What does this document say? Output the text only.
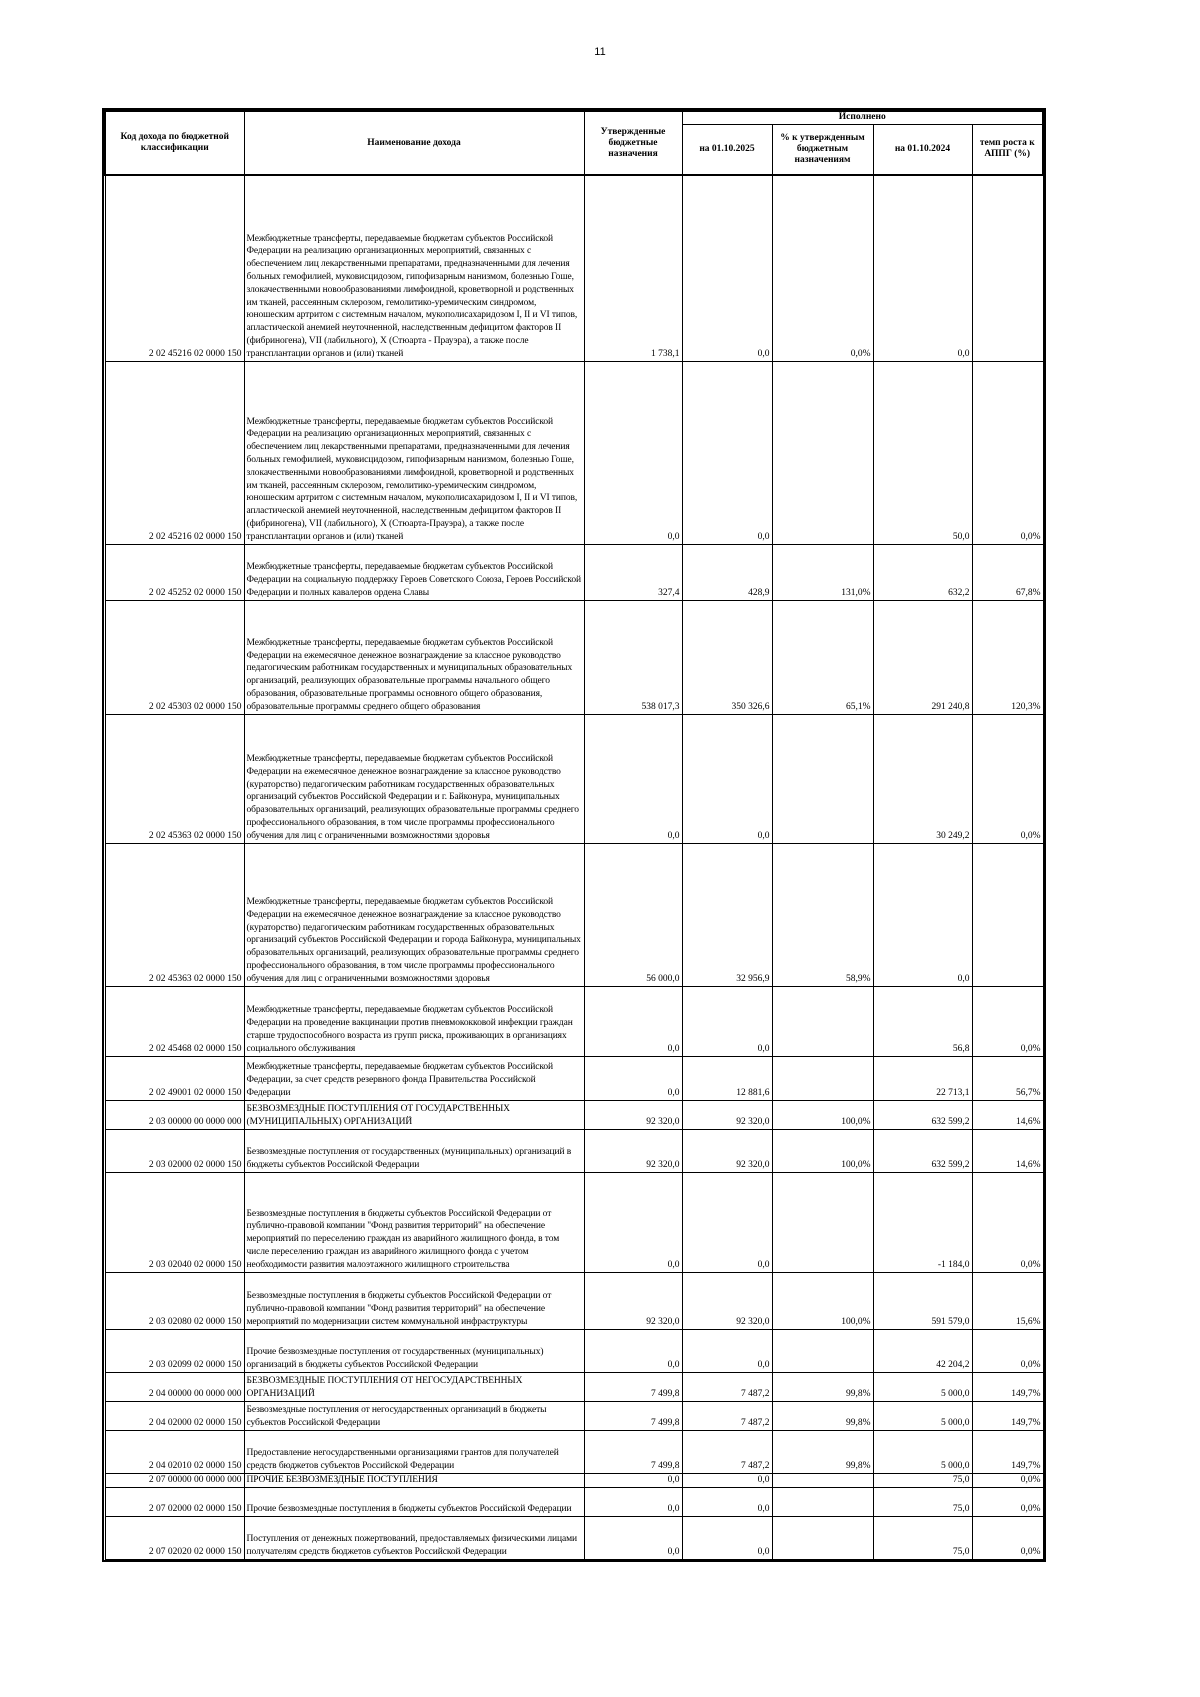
11
Код дохода по бюджетной классификации	Наименование дохода	Утвержденные бюджетные назначения	Исполнено			
			на 01.10.2025	% к утвержденным бюджетным назначениям	на 01.10.2024	темп роста к АППГ (%)
2 02 45216 02 0000 150	Межбюджетные трансферты, передаваемые бюджетам субъектов Российской Федерации на реализацию организационных мероприятий, связанных с обеспечением лиц лекарственными препаратами, предназначенными для лечения больных гемофилией, муковисцидозом, гипофизарным нанизмом, болезнью Гоше, злокачественными новообразованиями лимфоидной, кроветворной и родственных им тканей, рассеянным склерозом, гемолитико-уремическим синдромом, юношеским артритом с системным началом, мукополисахаридозом I, II и VI типов, апластической анемией неуточненной, наследственным дефицитом факторов II (фибриногена), VII (лабильного), X (Стюарта - Прауэра), а также после трансплантации органов и (или) тканей	1 738,1	0,0	0,0%	0,0	
2 02 45216 02 0000 150	Межбюджетные трансферты, передаваемые бюджетам субъектов Российской Федерации на реализацию организационных мероприятий, связанных с обеспечением лиц лекарственными препаратами, предназначенными для лечения больных гемофилией, муковисцидозом, гипофизарным нанизмом, болезнью Гоше, злокачественными новообразованиями лимфоидной, кроветворной и родственных им тканей, рассеянным склерозом, гемолитико-уремическим синдромом, юношеским артритом с системным началом, мукополисахаридозом I, II и VI типов, апластической анемией неуточненной, наследственным дефицитом факторов II (фибриногена), VII (лабильного), X (Стюарта-Прауэра), а также после трансплантации органов и (или) тканей	0,0	0,0		50,0	0,0%
2 02 45252 02 0000 150	Межбюджетные трансферты, передаваемые бюджетам субъектов Российской Федерации на социальную поддержку Героев Советского Союза, Героев Российской Федерации и полных кавалеров ордена Славы	327,4	428,9	131,0%	632,2	67,8%
2 02 45303 02 0000 150	Межбюджетные трансферты, передаваемые бюджетам субъектов Российской Федерации на ежемесячное денежное вознаграждение за классное руководство педагогическим работникам государственных и муниципальных образовательных организаций, реализующих образовательные программы начального общего образования, образовательные программы основного общего образования, образовательные программы среднего общего образования	538 017,3	350 326,6	65,1%	291 240,8	120,3%
2 02 45363 02 0000 150	Межбюджетные трансферты, передаваемые бюджетам субъектов Российской Федерации на ежемесячное денежное вознаграждение за классное руководство (кураторство) педагогическим работникам государственных образовательных организаций субъектов Российской Федерации и г. Байконура, муниципальных образовательных организаций, реализующих образовательные программы среднего профессионального образования, в том числе программы профессионального обучения для лиц с ограниченными возможностями здоровья	0,0	0,0		30 249,2	0,0%
2 02 45363 02 0000 150	Межбюджетные трансферты, передаваемые бюджетам субъектов Российской Федерации на ежемесячное денежное вознаграждение за классное руководство (кураторство) педагогическим работникам государственных образовательных организаций субъектов Российской Федерации и города Байконура, муниципальных образовательных организаций, реализующих образовательные программы среднего профессионального образования, в том числе программы профессионального обучения для лиц с ограниченными возможностями здоровья	56 000,0	32 956,9	58,9%	0,0	
2 02 45468 02 0000 150	Межбюджетные трансферты, передаваемые бюджетам субъектов Российской Федерации на проведение вакцинации против пневмококковой инфекции граждан старше трудоспособного возраста из групп риска, проживающих в организациях социального обслуживания	0,0	0,0		56,8	0,0%
2 02 49001 02 0000 150	Межбюджетные трансферты, передаваемые бюджетам субъектов Российской Федерации, за счет средств резервного фонда Правительства Российской Федерации	0,0	12 881,6		22 713,1	56,7%
2 03 00000 00 0000 000	БЕЗВОЗМЕЗДНЫЕ ПОСТУПЛЕНИЯ ОТ ГОСУДАРСТВЕННЫХ (МУНИЦИПАЛЬНЫХ) ОРГАНИЗАЦИЙ	92 320,0	92 320,0	100,0%	632 599,2	14,6%
2 03 02000 02 0000 150	Безвозмездные поступления от государственных (муниципальных) организаций в бюджеты субъектов Российской Федерации	92 320,0	92 320,0	100,0%	632 599,2	14,6%
2 03 02040 02 0000 150	Безвозмездные поступления в бюджеты субъектов Российской Федерации от публично-правовой компании "Фонд развития территорий" на обеспечение мероприятий по переселению граждан из аварийного жилищного фонда, в том числе переселению граждан из аварийного жилищного фонда с учетом необходимости развития малоэтажного жилищного строительства	0,0	0,0		-1 184,0	0,0%
2 03 02080 02 0000 150	Безвозмездные поступления в бюджеты субъектов Российской Федерации от публично-правовой компании "Фонд развития территорий" на обеспечение мероприятий по модернизации систем коммунальной инфраструктуры	92 320,0	92 320,0	100,0%	591 579,0	15,6%
2 03 02099 02 0000 150	Прочие безвозмездные поступления от государственных (муниципальных) организаций в бюджеты субъектов Российской Федерации	0,0	0,0		42 204,2	0,0%
2 04 00000 00 0000 000	БЕЗВОЗМЕЗДНЫЕ ПОСТУПЛЕНИЯ ОТ НЕГОСУДАРСТВЕННЫХ ОРГАНИЗАЦИЙ	7 499,8	7 487,2	99,8%	5 000,0	149,7%
2 04 02000 02 0000 150	Безвозмездные поступления от негосударственных организаций в бюджеты субъектов Российской Федерации	7 499,8	7 487,2	99,8%	5 000,0	149,7%
2 04 02010 02 0000 150	Предоставление негосударственными организациями грантов для получателей средств бюджетов субъектов Российской Федерации	7 499,8	7 487,2	99,8%	5 000,0	149,7%
2 07 00000 00 0000 000	ПРОЧИЕ БЕЗВОЗМЕЗДНЫЕ ПОСТУПЛЕНИЯ	0,0	0,0		75,0	0,0%
2 07 02000 02 0000 150	Прочие безвозмездные поступления в бюджеты субъектов Российской Федерации	0,0	0,0		75,0	0,0%
2 07 02020 02 0000 150	Поступления от денежных пожертвований, предоставляемых физическими лицами получателям средств бюджетов субъектов Российской Федерации	0,0	0,0		75,0	0,0%
